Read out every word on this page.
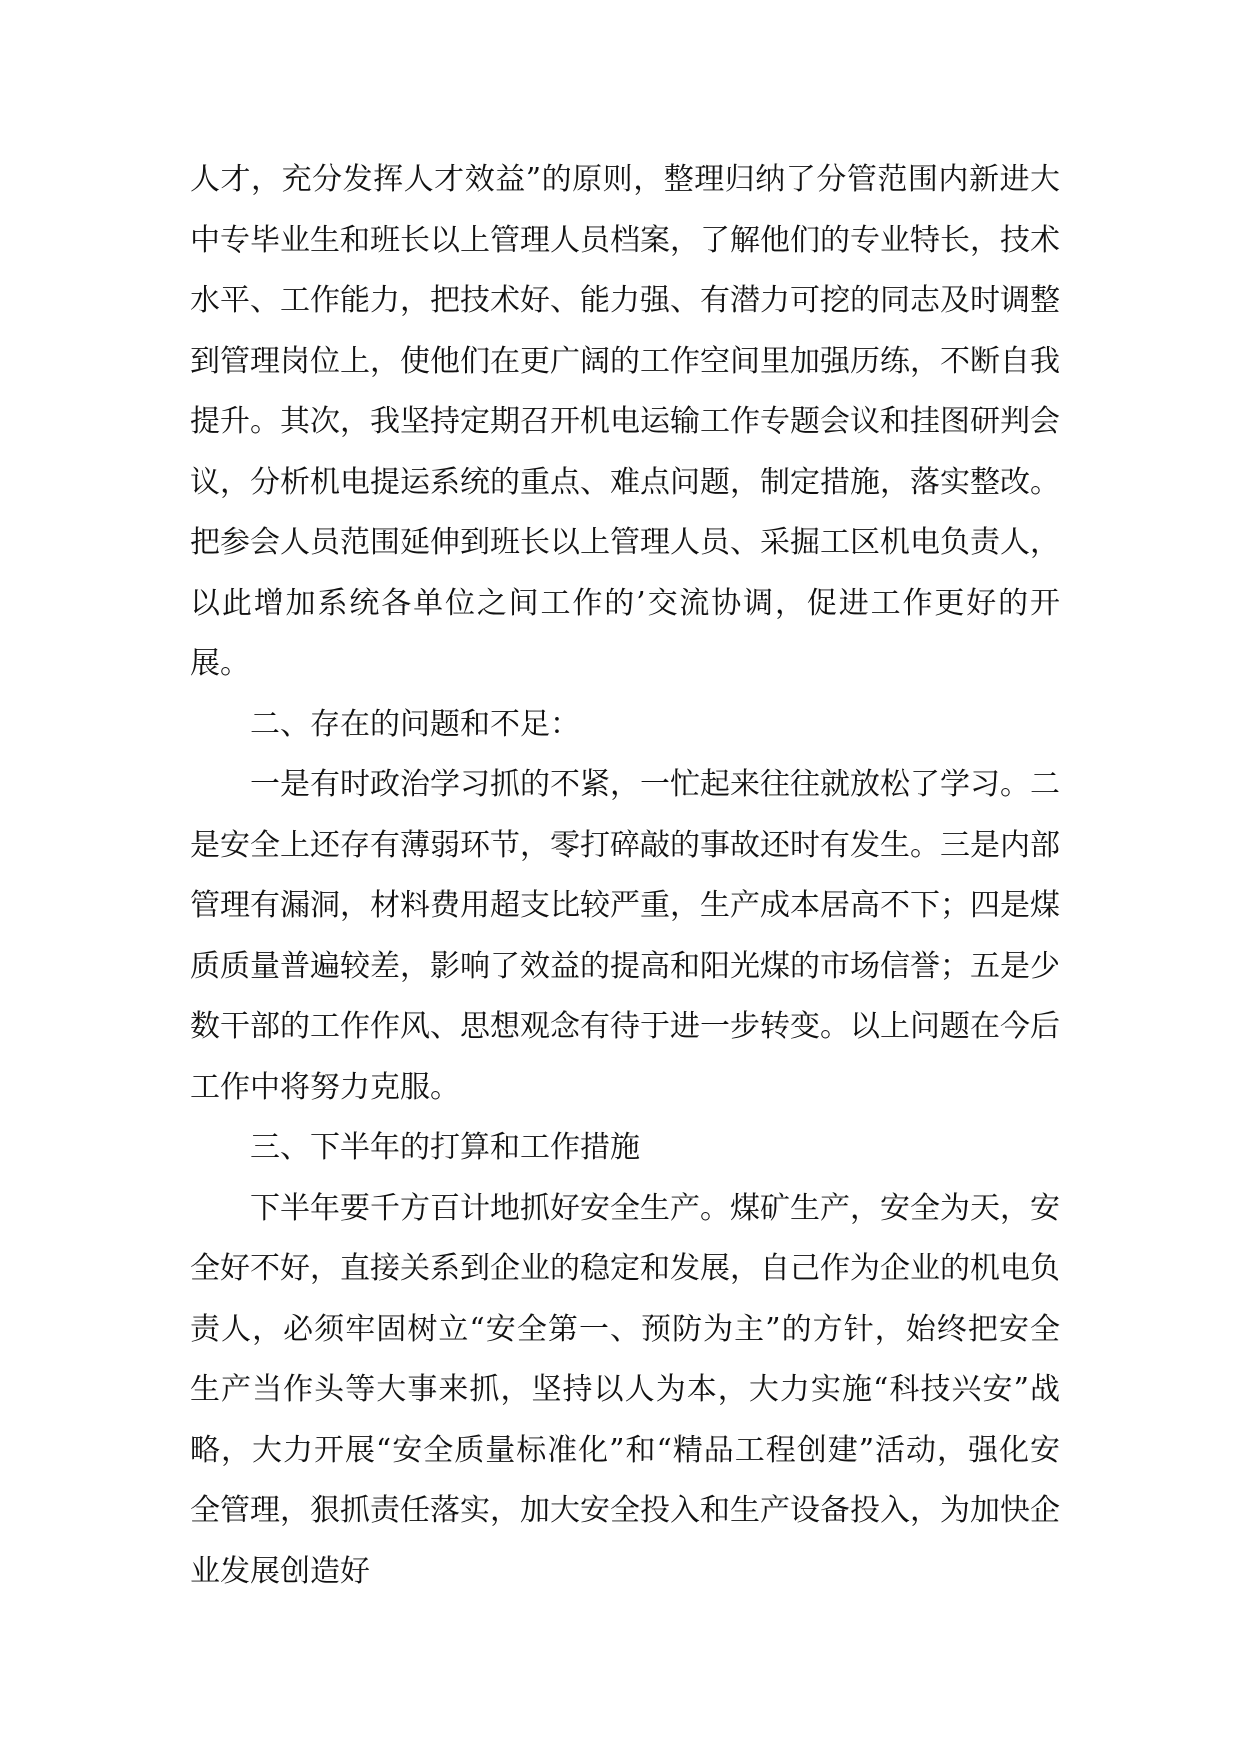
人才，充分发挥人才效益”的原则，整理归纳了分管范围内新进大中专毕业生和班长以上管理人员档案，了解他们的专业特长，技术水平、工作能力，把技术好、能力强、有潜力可挖的同志及时调整到管理岗位上，使他们在更广阔的工作空间里加强历练，不断自我提升。其次，我坚持定期召开机电运输工作专题会议和挂图研判会议，分析机电提运系统的重点、难点问题，制定措施，落实整改。把参会人员范围延伸到班长以上管理人员、采掘工区机电负责人，以此增加系统各单位之间工作的’交流协调，促进工作更好的开展。

二、存在的问题和不足：

一是有时政治学习抓的不紧，一忙起来往往就放松了学习。二是安全上还存有薄弱环节，零打碎敲的事故还时有发生。三是内部管理有漏洞，材料费用超支比较严重，生产成本居高不下；四是煤质质量普遍较差，影响了效益的提高和阳光煤的市场信誉；五是少数干部的工作作风、思想观念有待于进一步转变。以上问题在今后工作中将努力克服。

三、下半年的打算和工作措施

下半年要千方百计地抓好安全生产。煤矿生产，安全为天，安全好不好，直接关系到企业的稳定和发展，自己作为企业的机电负责人，必须牢固树立“安全第一、预防为主”的方针，始终把安全生产当作头等大事来抓，坚持以人为本，大力实施“科技兴安”战略，大力开展“安全质量标准化”和“精品工程创建”活动，强化安全管理，狠抓责任落实，加大安全投入和生产设备投入，为加快企业发展创造好
